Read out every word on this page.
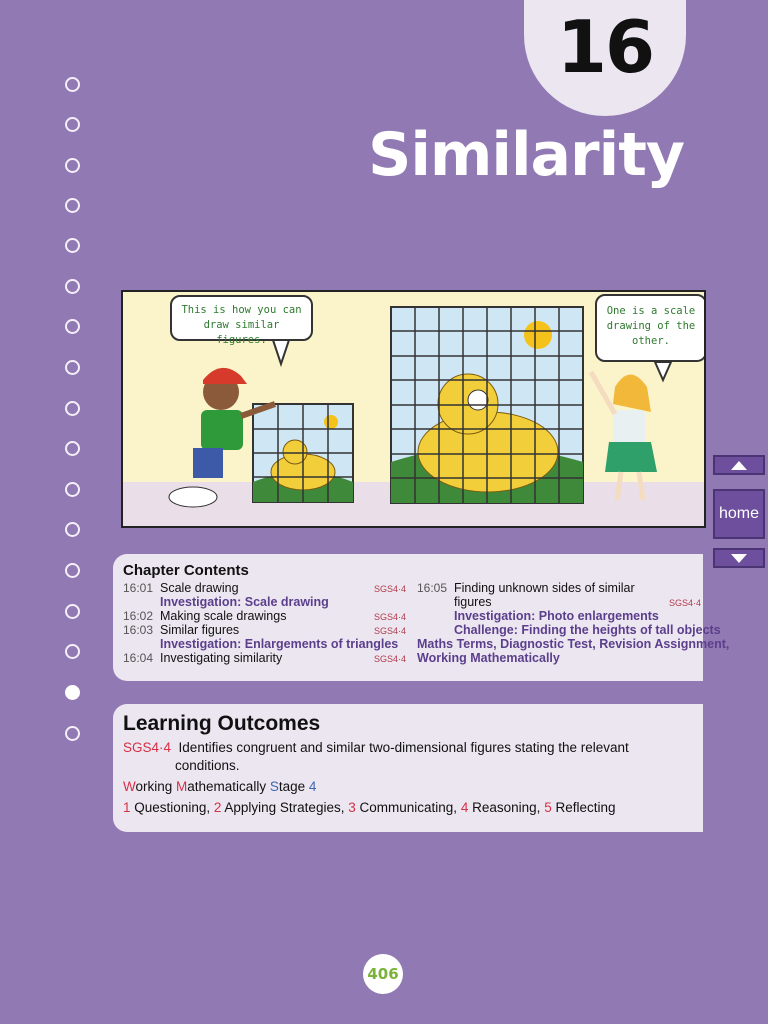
16
Similarity
This is how you can draw similar figures.
One is a scale drawing of the other.
home
Chapter Contents
16:01 Scale drawing	SGS4·4
Investigation: Scale drawing
16:02 Making scale drawings	SGS4·4
16:03 Similar figures	SGS4·4
Investigation: Enlargements of triangles
16:04 Investigating similarity	SGS4·4
16:05 Finding unknown sides of similar
figures	SGS4·4
Investigation: Photo enlargements
Challenge: Finding the heights of tall objects
Maths Terms, Diagnostic Test, Revision Assignment,
Working Mathematically
Learning Outcomes
SGS4·4 Identifies congruent and similar two-dimensional figures stating the relevant
conditions.
Working Mathematically Stage 4
1 Questioning, 2 Applying Strategies, 3 Communicating, 4 Reasoning, 5 Reflecting
406
